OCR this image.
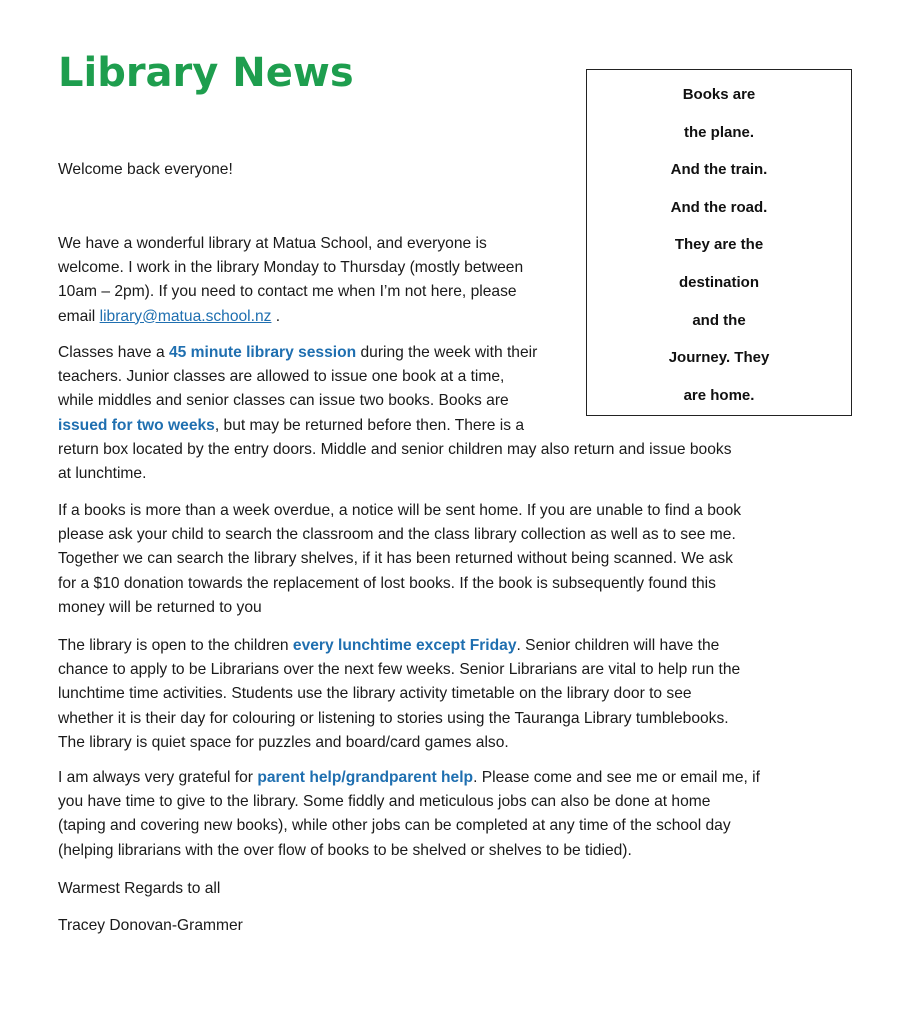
Library News	Books are
the plane.
And the train.
And the road.
They are the
destination
and the
Journey. They
are home.

Welcome back everyone!

We have a wonderful library at Matua School, and everyone is
welcome. I work in the library Monday to Thursday (mostly between
10am – 2pm). If you need to contact me when I’m not here, please
email library@matua.school.nz .

Classes have a 45 minute library session during the week with their
teachers. Junior classes are allowed to issue one book at a time,
while middles and senior classes can issue two books. Books are
issued for two weeks, but may be returned before then. There is a
return box located by the entry doors. Middle and senior children may also return and issue books
at lunchtime.

If a books is more than a week overdue, a notice will be sent home. If you are unable to find a book
please ask your child to search the classroom and the class library collection as well as to see me.
Together we can search the library shelves, if it has been returned without being scanned. We ask
for a $10 donation towards the replacement of lost books. If the book is subsequently found this
money will be returned to you

The library is open to the children every lunchtime except Friday. Senior children will have the
chance to apply to be Librarians over the next few weeks. Senior Librarians are vital to help run the
lunchtime time activities. Students use the library activity timetable on the library door to see
whether it is their day for colouring or listening to stories using the Tauranga Library tumblebooks.
The library is quiet space for puzzles and board/card games also.

I am always very grateful for parent help/grandparent help. Please come and see me or email me, if
you have time to give to the library. Some fiddly and meticulous jobs can also be done at home
(taping and covering new books), while other jobs can be completed at any time of the school day
(helping librarians with the over flow of books to be shelved or shelves to be tidied).

Warmest Regards to all

Tracey Donovan-Grammer
